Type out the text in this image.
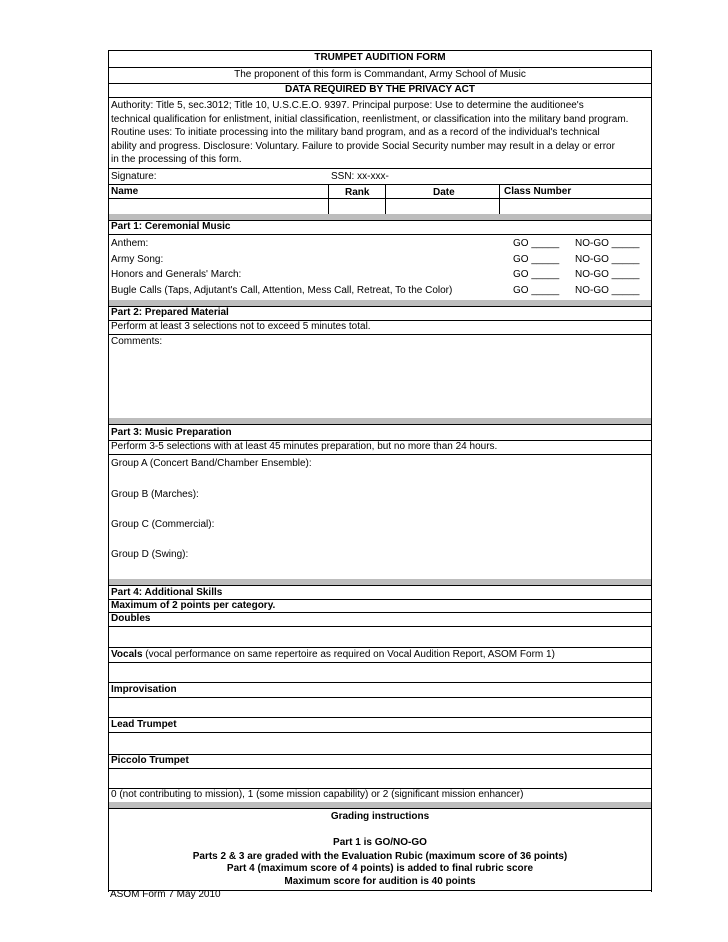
TRUMPET AUDITION FORM
The proponent of this form is Commandant, Army School of Music
DATA REQUIRED BY THE PRIVACY ACT
Authority: Title 5, sec.3012; Title 10, U.S.C.E.O. 9397. Principal purpose: Use to determine the auditionee's
technical qualification for enlistment, initial classification, reenlistment, or classification into the military band program.
Routine uses: To initiate processing into the military band program, and as a record of the individual's technical
ability and progress. Disclosure: Voluntary. Failure to provide Social Security number may result in a delay or error
in the processing of this form.
Signature:	SSN: xx-xxx-
Name	Rank	Date	Class Number
Part 1: Ceremonial Music
Anthem:	GO _____ NO-GO _____
Army Song:	GO _____ NO-GO _____
Honors and Generals' March:	GO _____ NO-GO _____
Bugle Calls (Taps, Adjutant's Call, Attention, Mess Call, Retreat, To the Color)	GO _____ NO-GO _____
Part 2: Prepared Material
Perform at least 3 selections not to exceed 5 minutes total.
Comments:
Part 3: Music Preparation
Perform 3-5 selections with at least 45 minutes preparation, but no more than 24 hours.
Group A (Concert Band/Chamber Ensemble):
Group B (Marches):
Group C (Commercial):
Group D (Swing):
Part 4: Additional Skills
Maximum of 2 points per category.
Doubles
Vocals (vocal performance on same repertoire as required on Vocal Audition Report, ASOM Form 1)
Improvisation
Lead Trumpet
Piccolo Trumpet
0 (not contributing to mission), 1 (some mission capability) or 2 (significant mission enhancer)
Grading instructions
Part 1 is GO/NO-GO
Parts 2 & 3 are graded with the Evaluation Rubic (maximum score of 36 points)
Part 4 (maximum score of 4 points) is added to final rubric score
Maximum score for audition is 40 points
ASOM Form 7 May 2010
